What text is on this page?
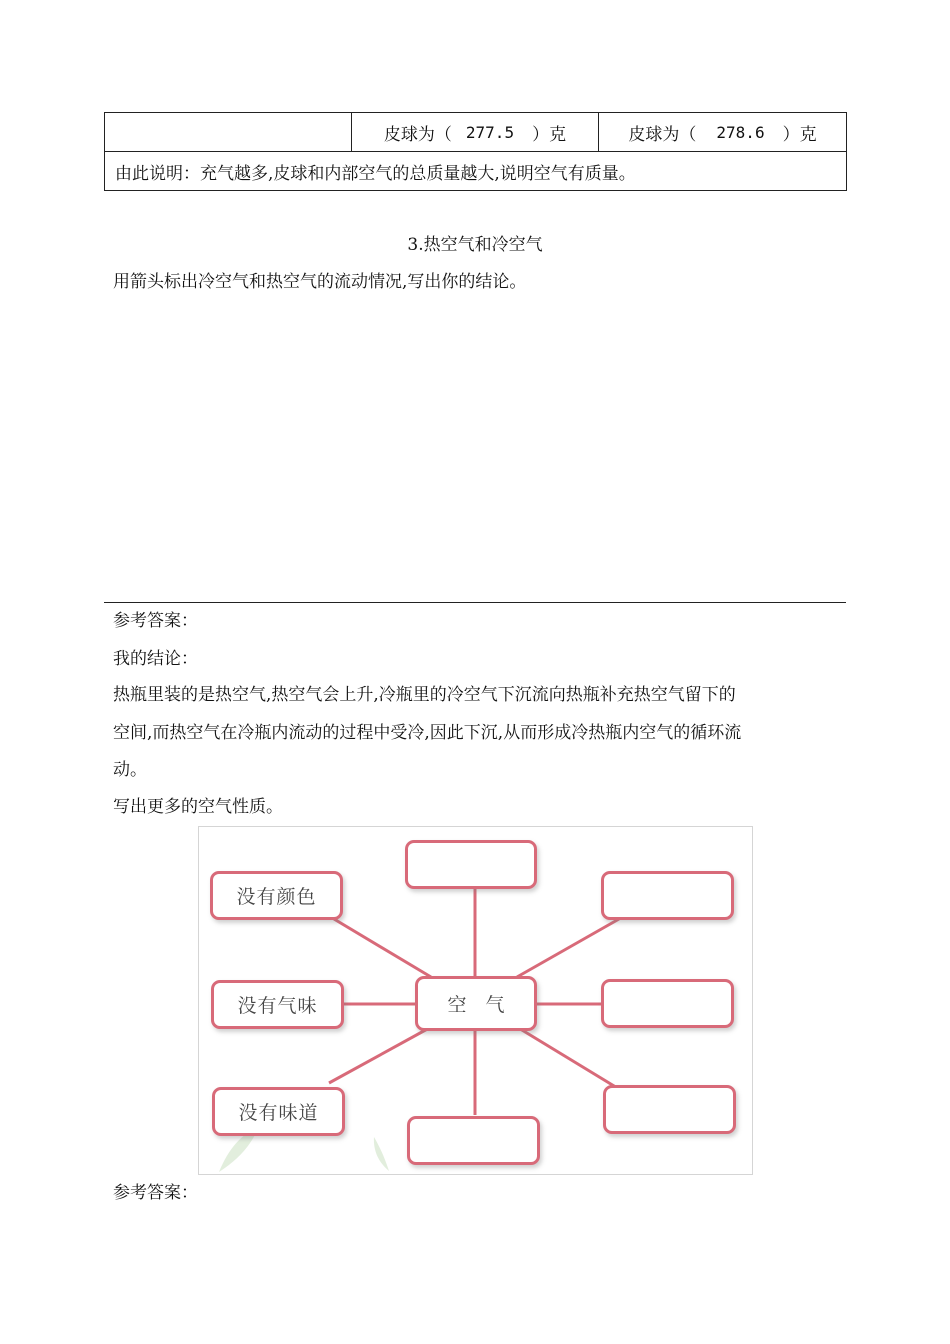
皮球为（ 277.5 ）克	皮球为（ 278.6 ）克

由此说明：充气越多,皮球和内部空气的总质量越大,说明空气有质量。
3.热空气和冷空气
用箭头标出冷空气和热空气的流动情况,写出你的结论。
参考答案：
我的结论：
热瓶里装的是热空气,热空气会上升,冷瓶里的冷空气下沉流向热瓶补充热空气留下的
空间,而热空气在冷瓶内流动的过程中受冷,因此下沉,从而形成冷热瓶内空气的循环流
动。
写出更多的空气性质。
没有颜色
空　气
没有气味
没有味道
参考答案：
